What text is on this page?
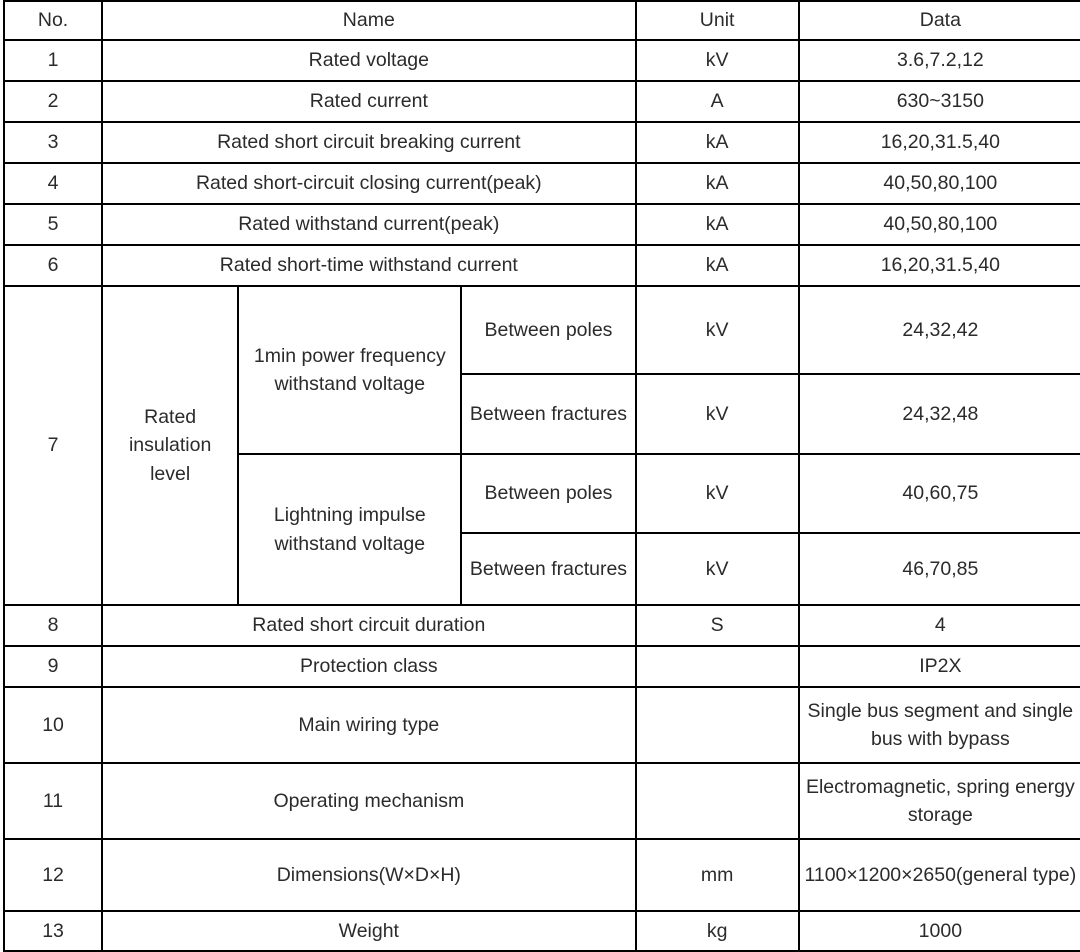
No.	Name			Unit	Data
1	Rated voltage			kV	3.6,7.2,12
2	Rated current			A	630~3150
3	Rated short circuit breaking current			kA	16,20,31.5,40
4	Rated short-circuit closing current(peak)			kA	40,50,80,100
5	Rated withstand current(peak)			kA	40,50,80,100
6	Rated short-time withstand current			kA	16,20,31.5,40
7	Rated insulation level	1min power frequency withstand voltage	Between poles	kV	24,32,42
			Between fractures	kV	24,32,48
		Lightning impulse withstand voltage	Between poles	kV	40,60,75
			Between fractures	kV	46,70,85
8	Rated short circuit duration			S	4
9	Protection class				IP2X
10	Main wiring type				Single bus segment and single bus with bypass
11	Operating mechanism				Electromagnetic, spring energy storage
12	Dimensions(W×D×H)			mm	1100×1200×2650(general type)
13	Weight			kg	1000
